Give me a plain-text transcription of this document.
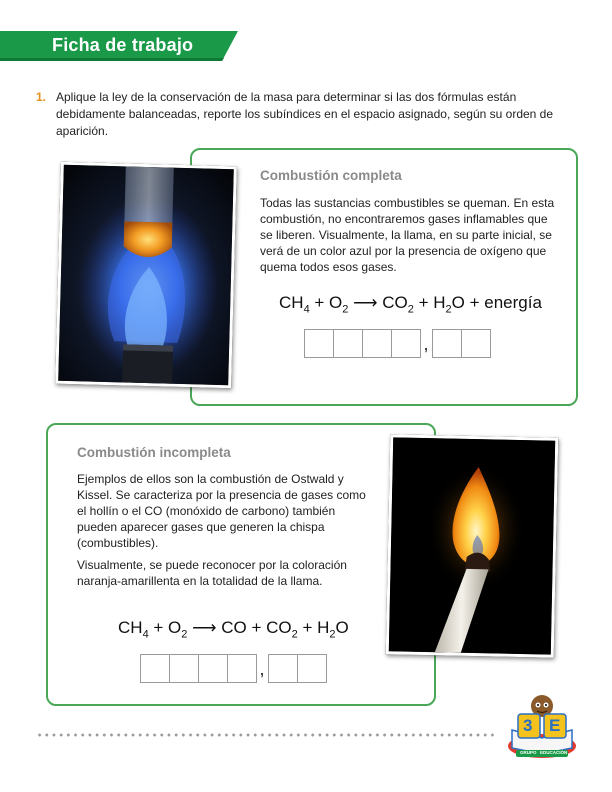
Ficha de trabajo
1. Aplique la ley de la conservación de la masa para determinar si las dos fórmulas están debidamente balanceadas, reporte los subíndices en el espacio asignado, según su orden de aparición.
Combustión completa
Todas las sustancias combustibles se queman. En esta combustión, no encontraremos gases inflamables que se liberen. Visualmente, la llama, en su parte inicial, se verá de un color azul por la presencia de oxígeno que quema todos esos gases.
$CH_4 + O_2$ ⟶ $CO_2 + H_2O$ + energía
,
Combustión incompleta
Ejemplos de ellos son la combustión de Ostwald y Kissel. Se caracteriza por la presencia de gases como el hollín o el CO (monóxido de carbono) también pueden aparecer gases que generen la chispa (combustibles).
Visualmente, se puede reconocer por la coloración naranja-amarillenta en la totalidad de la llama.
$CH_4 + O_2$ ⟶ CO + $CO_2 + H_2O$
,
3 E
GRUPO EDUCACIÓN
